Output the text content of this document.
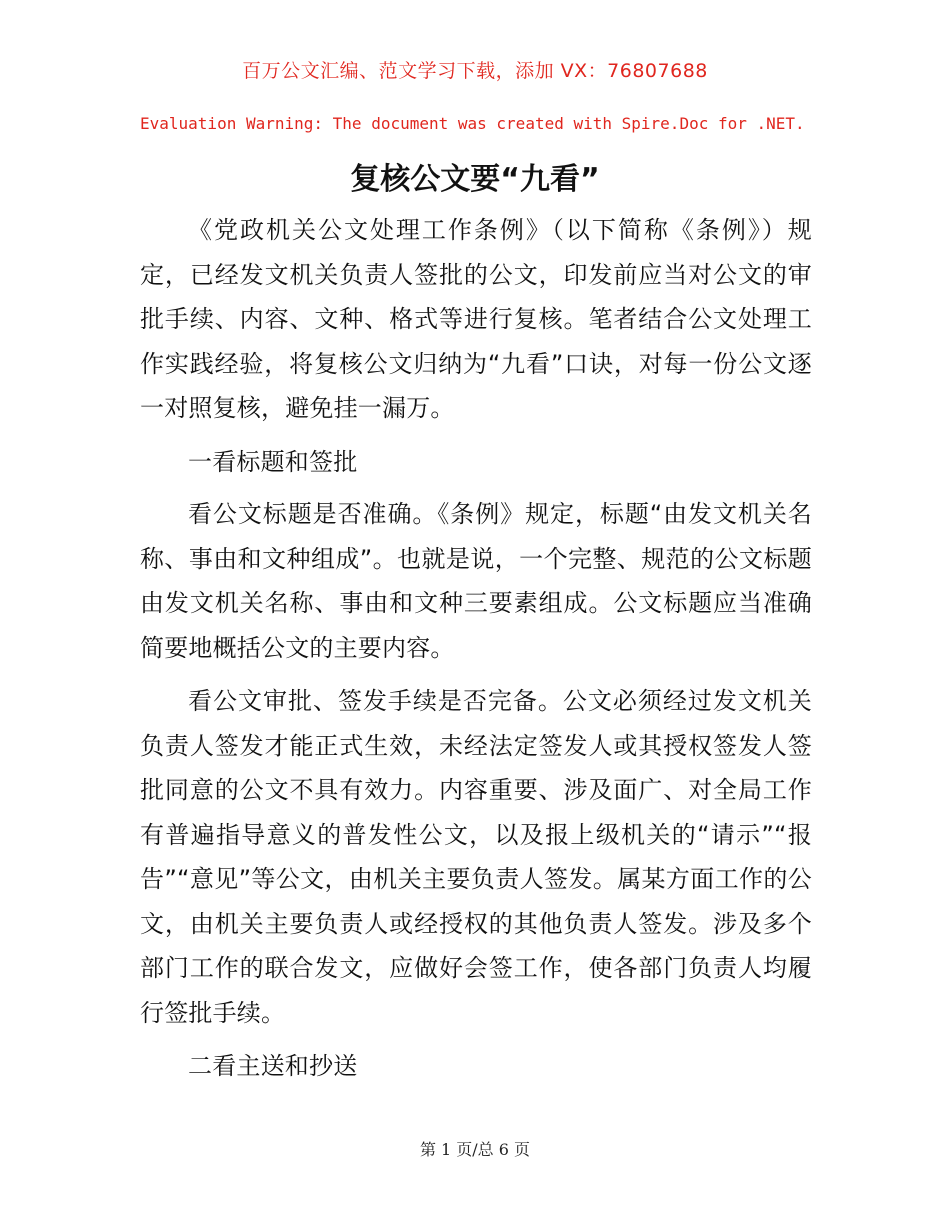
百万公文汇编、范文学习下载，添加 VX：76807688
Evaluation Warning: The document was created with Spire.Doc for .NET.
复核公文要“九看”

《党政机关公文处理工作条例》（以下简称《条例》）规定，已经发文机关负责人签批的公文，印发前应当对公文的审批手续、内容、文种、格式等进行复核。笔者结合公文处理工作实践经验，将复核公文归纳为“九看”口诀，对每一份公文逐一对照复核，避免挂一漏万。

一看标题和签批

看公文标题是否准确。《条例》规定，标题“由发文机关名称、事由和文种组成”。也就是说，一个完整、规范的公文标题由发文机关名称、事由和文种三要素组成。公文标题应当准确简要地概括公文的主要内容。

看公文审批、签发手续是否完备。公文必须经过发文机关负责人签发才能正式生效，未经法定签发人或其授权签发人签批同意的公文不具有效力。内容重要、涉及面广、对全局工作有普遍指导意义的普发性公文，以及报上级机关的“请示”“报告”“意见”等公文，由机关主要负责人签发。属某方面工作的公文，由机关主要负责人或经授权的其他负责人签发。涉及多个部门工作的联合发文，应做好会签工作，使各部门负责人均履行签批手续。

二看主送和抄送

第 1 页/总 6 页
